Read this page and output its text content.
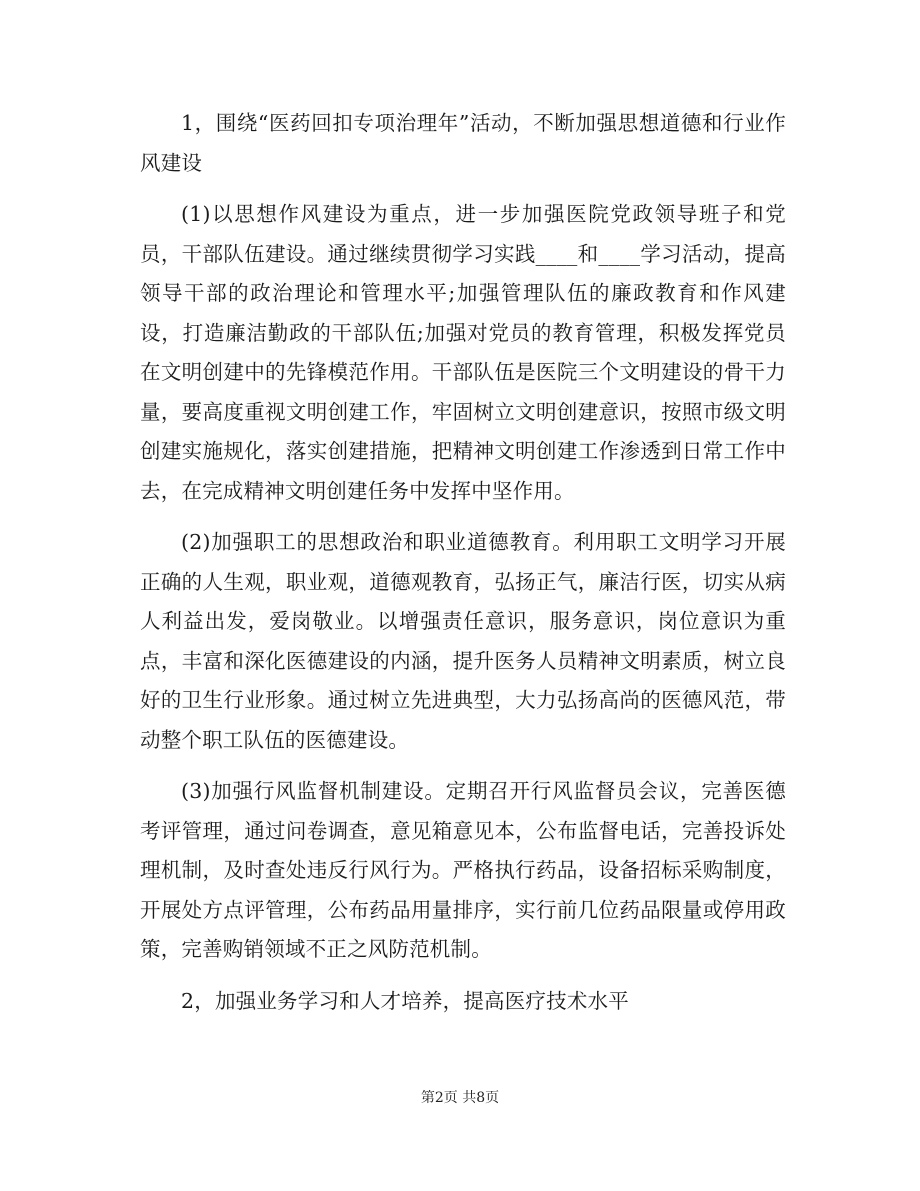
1，围绕“医药回扣专项治理年”活动，不断加强思想道德和行业作风建设

(1)以思想作风建设为重点，进一步加强医院党政领导班子和党员，干部队伍建设。通过继续贯彻学习实践____和____学习活动，提高领导干部的政治理论和管理水平;加强管理队伍的廉政教育和作风建设，打造廉洁勤政的干部队伍;加强对党员的教育管理，积极发挥党员在文明创建中的先锋模范作用。干部队伍是医院三个文明建设的骨干力量，要高度重视文明创建工作，牢固树立文明创建意识，按照市级文明创建实施规化，落实创建措施，把精神文明创建工作渗透到日常工作中去，在完成精神文明创建任务中发挥中坚作用。

(2)加强职工的思想政治和职业道德教育。利用职工文明学习开展正确的人生观，职业观，道德观教育，弘扬正气，廉洁行医，切实从病人利益出发，爱岗敬业。以增强责任意识，服务意识，岗位意识为重点，丰富和深化医德建设的内涵，提升医务人员精神文明素质，树立良好的卫生行业形象。通过树立先进典型，大力弘扬高尚的医德风范，带动整个职工队伍的医德建设。

(3)加强行风监督机制建设。定期召开行风监督员会议，完善医德考评管理，通过问卷调查，意见箱意见本，公布监督电话，完善投诉处理机制，及时查处违反行风行为。严格执行药品，设备招标采购制度，开展处方点评管理，公布药品用量排序，实行前几位药品限量或停用政策，完善购销领域不正之风防范机制。

2，加强业务学习和人才培养，提高医疗技术水平

第2页 共8页
